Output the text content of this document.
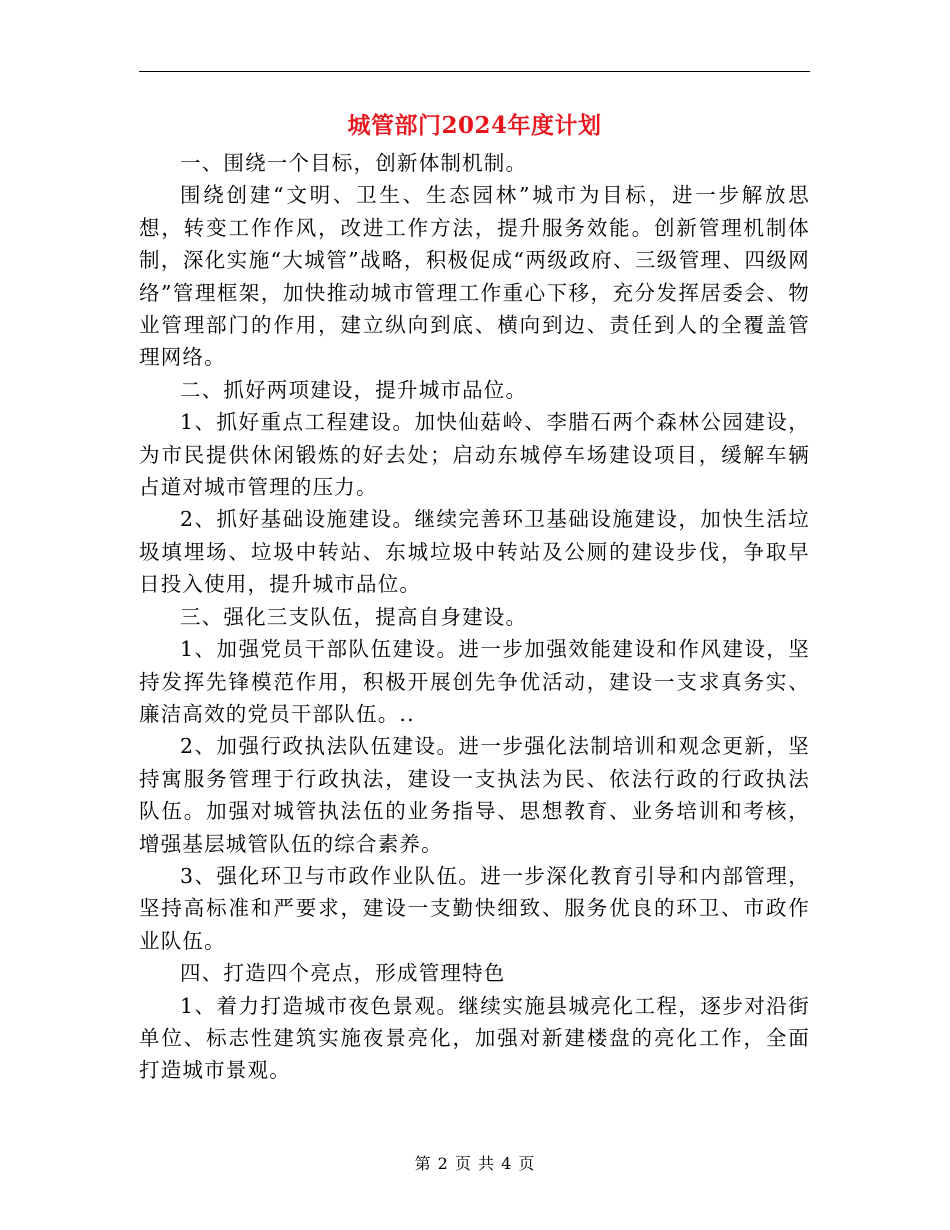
城管部门2024年度计划

一、围绕一个目标，创新体制机制。

围绕创建“文明、卫生、生态园林”城市为目标，进一步解放思想，转变工作作风，改进工作方法，提升服务效能。创新管理机制体制，深化实施“大城管”战略，积极促成“两级政府、三级管理、四级网络”管理框架，加快推动城市管理工作重心下移，充分发挥居委会、物业管理部门的作用，建立纵向到底、横向到边、责任到人的全覆盖管理网络。

二、抓好两项建设，提升城市品位。

1、抓好重点工程建设。加快仙菇岭、李腊石两个森林公园建设，为市民提供休闲锻炼的好去处；启动东城停车场建设项目，缓解车辆占道对城市管理的压力。

2、抓好基础设施建设。继续完善环卫基础设施建设，加快生活垃圾填埋场、垃圾中转站、东城垃圾中转站及公厕的建设步伐，争取早日投入使用，提升城市品位。

三、强化三支队伍，提高自身建设。

1、加强党员干部队伍建设。进一步加强效能建设和作风建设，坚持发挥先锋模范作用，积极开展创先争优活动，建设一支求真务实、廉洁高效的党员干部队伍。..

2、加强行政执法队伍建设。进一步强化法制培训和观念更新，坚持寓服务管理于行政执法，建设一支执法为民、依法行政的行政执法队伍。加强对城管执法伍的业务指导、思想教育、业务培训和考核，增强基层城管队伍的综合素养。

3、强化环卫与市政作业队伍。进一步深化教育引导和内部管理，坚持高标准和严要求，建设一支勤快细致、服务优良的环卫、市政作业队伍。

四、打造四个亮点，形成管理特色

1、着力打造城市夜色景观。继续实施县城亮化工程，逐步对沿街单位、标志性建筑实施夜景亮化，加强对新建楼盘的亮化工作，全面打造城市景观。

第 2 页 共 4 页
